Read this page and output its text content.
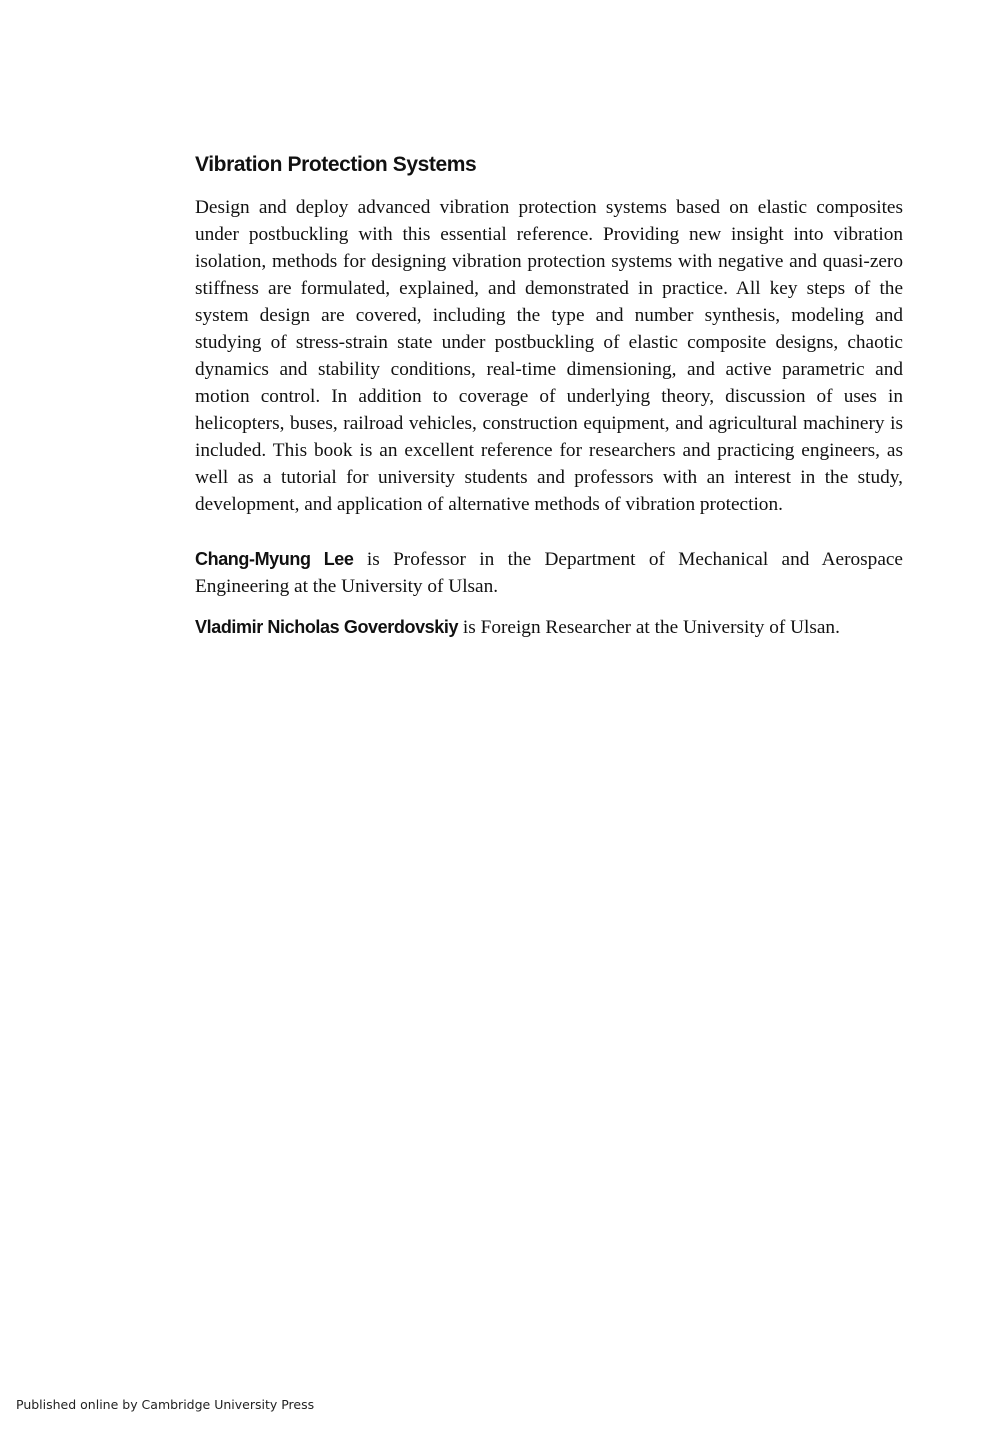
Vibration Protection Systems

Design and deploy advanced vibration protection systems based on elastic composites under postbuckling with this essential reference. Providing new insight into vibration isolation, methods for designing vibration protection systems with negative and quasi-zero stiffness are formulated, explained, and demonstrated in practice. All key steps of the system design are covered, including the type and number synthesis, modeling and studying of stress-strain state under postbuckling of elastic composite designs, chaotic dynamics and stability conditions, real-time dimensioning, and active parametric and motion control. In addition to coverage of underlying theory, discussion of uses in helicopters, buses, railroad vehicles, construction equipment, and agricultural machinery is included. This book is an excellent reference for researchers and practicing engineers, as well as a tutorial for university students and professors with an interest in the study, development, and application of alternative methods of vibration protection.

Chang-Myung Lee is Professor in the Department of Mechanical and Aerospace Engineering at the University of Ulsan.

Vladimir Nicholas Goverdovskiy is Foreign Researcher at the University of Ulsan.

Published online by Cambridge University Press
